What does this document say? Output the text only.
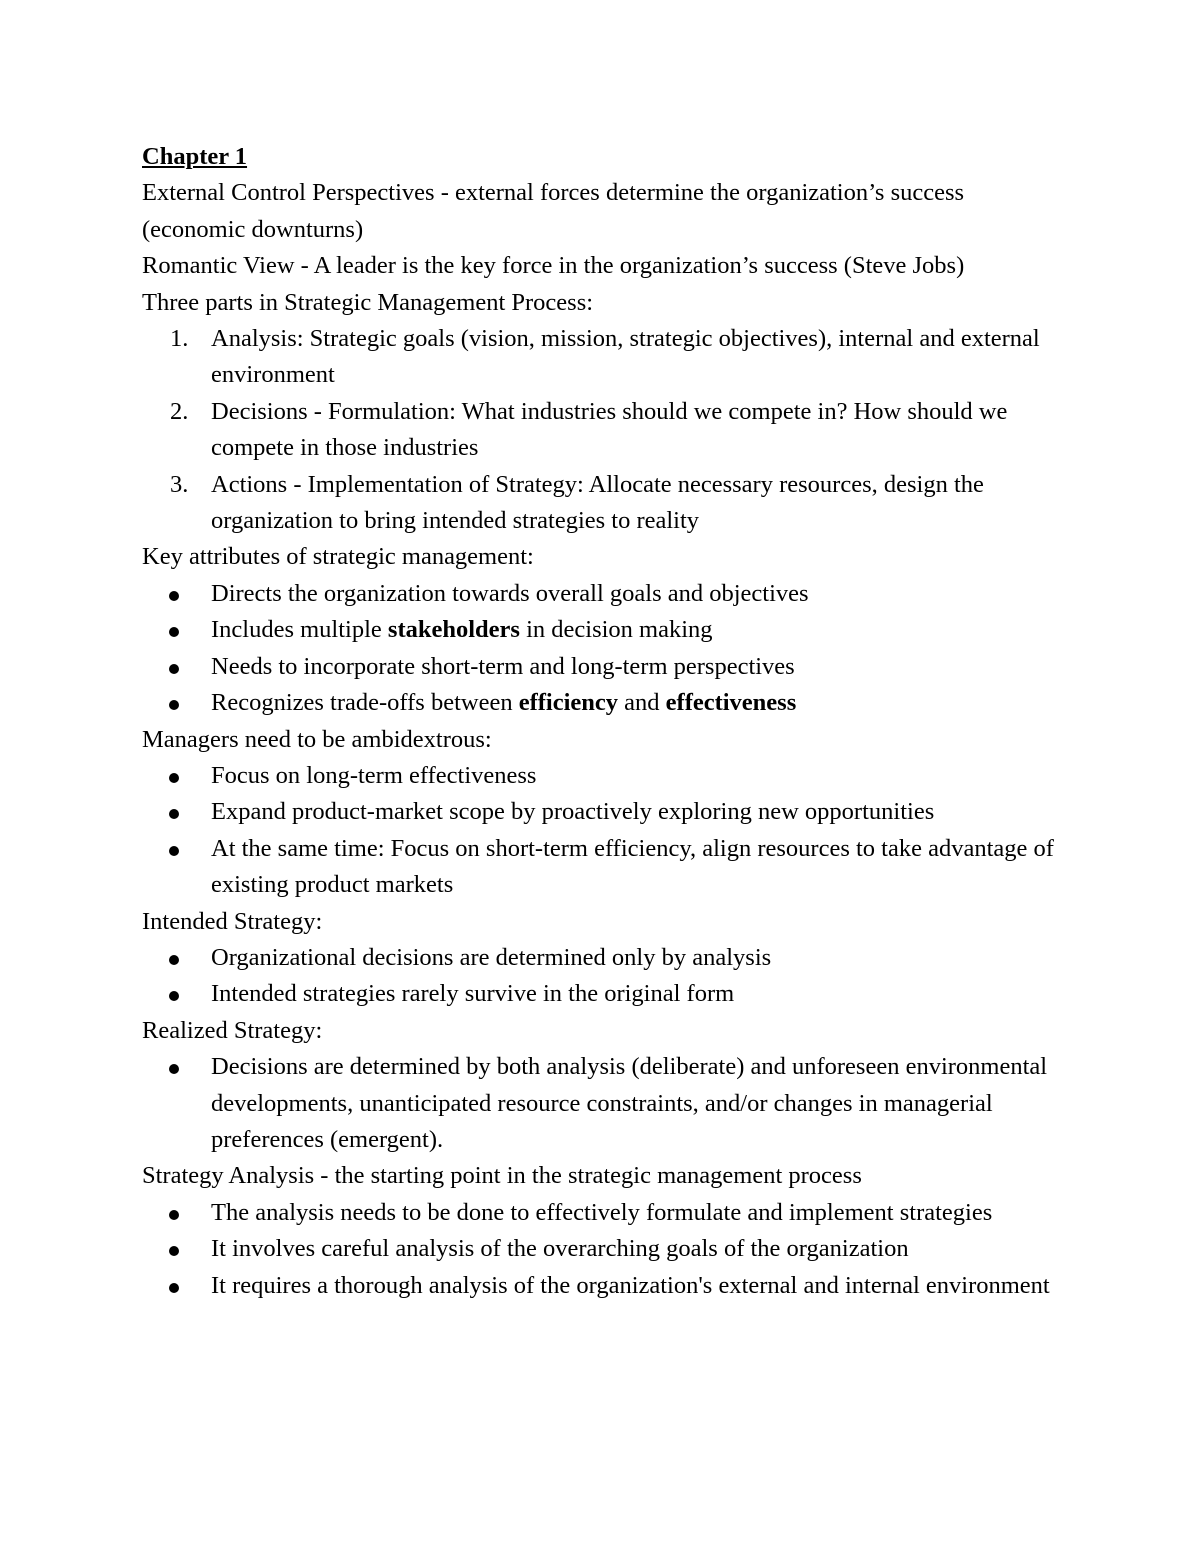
Chapter 1

External Control Perspectives - external forces determine the organization’s success (economic downturns)

Romantic View - A leader is the key force in the organization’s success (Steve Jobs)

Three parts in Strategic Management Process:

1. Analysis: Strategic goals (vision, mission, strategic objectives), internal and external environment
2. Decisions - Formulation: What industries should we compete in? How should we compete in those industries
3. Actions - Implementation of Strategy: Allocate necessary resources, design the organization to bring intended strategies to reality

Key attributes of strategic management:

Directs the organization towards overall goals and objectives
Includes multiple stakeholders in decision making
Needs to incorporate short-term and long-term perspectives
Recognizes trade-offs between efficiency and effectiveness

Managers need to be ambidextrous:

Focus on long-term effectiveness
Expand product-market scope by proactively exploring new opportunities
At the same time: Focus on short-term efficiency, align resources to take advantage of existing product markets

Intended Strategy:

Organizational decisions are determined only by analysis
Intended strategies rarely survive in the original form

Realized Strategy:

Decisions are determined by both analysis (deliberate) and unforeseen environmental developments, unanticipated resource constraints, and/or changes in managerial preferences (emergent).

Strategy Analysis - the starting point in the strategic management process

The analysis needs to be done to effectively formulate and implement strategies
It involves careful analysis of the overarching goals of the organization
It requires a thorough analysis of the organization's external and internal environment
